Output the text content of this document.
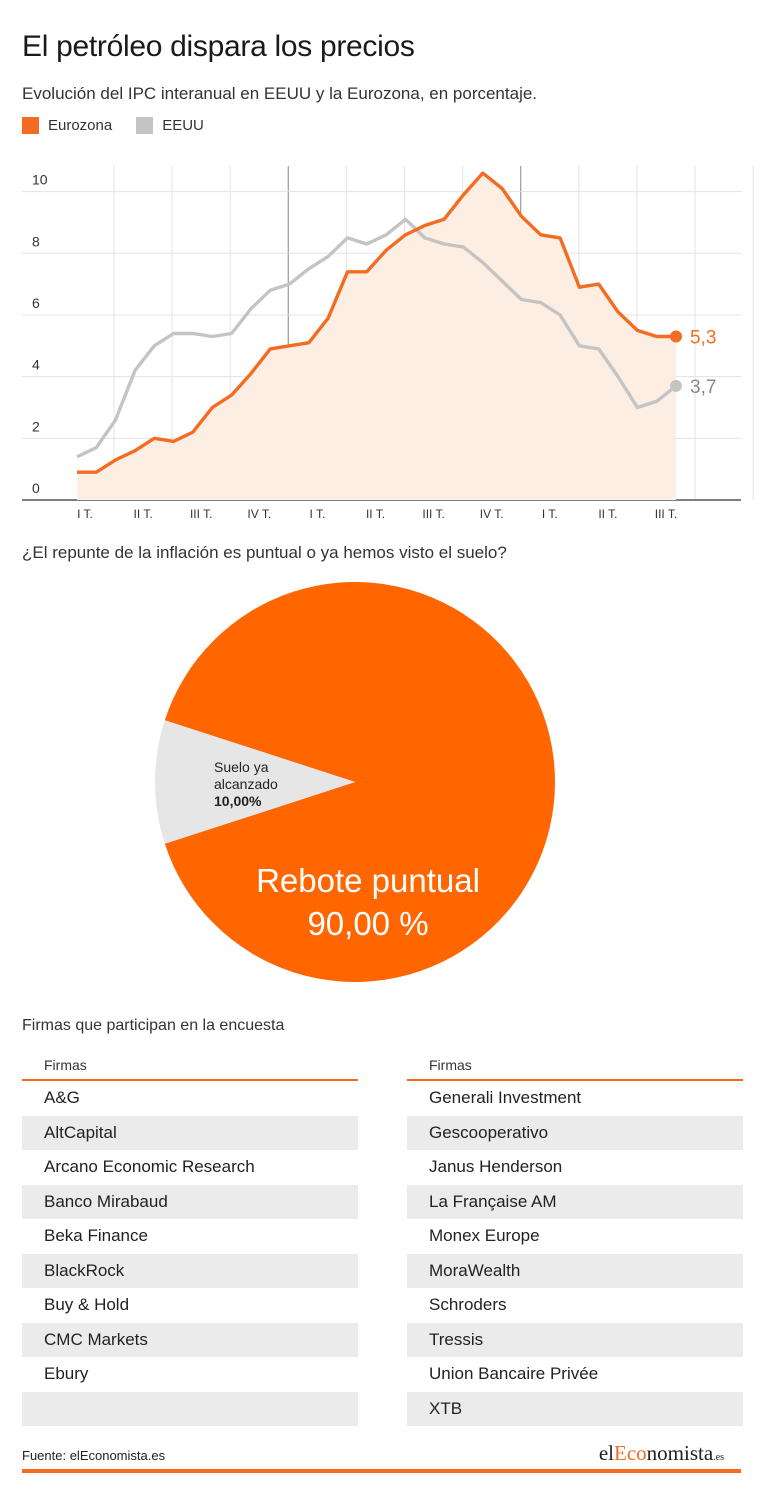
El petróleo dispara los precios
Evolución del IPC interanual en EEUU y la Eurozona, en porcentaje.
Eurozona	EEUU
0
2
4
6
8
10
I T.	II T.	III T.	IV T.	I T.	II T.	III T.	IV T.	I T.	II T.	III T.
5,3
3,7
¿El repunte de la inflación es puntual o ya hemos visto el suelo?
Rebote puntual
90,00 %
Suelo ya
alcanzado
10,00%
Firmas que participan en la encuesta
Firmas
A&G
AltCapital
Arcano Economic Research
Banco Mirabaud
Beka Finance
BlackRock
Buy & Hold
CMC Markets
Ebury
Firmas
Generali Investment
Gescooperativo
Janus Henderson
La Française AM
Monex Europe
MoraWealth
Schroders
Tressis
Union Bancaire Privée
XTB
Fuente: elEconomista.es	elEconomista.es
